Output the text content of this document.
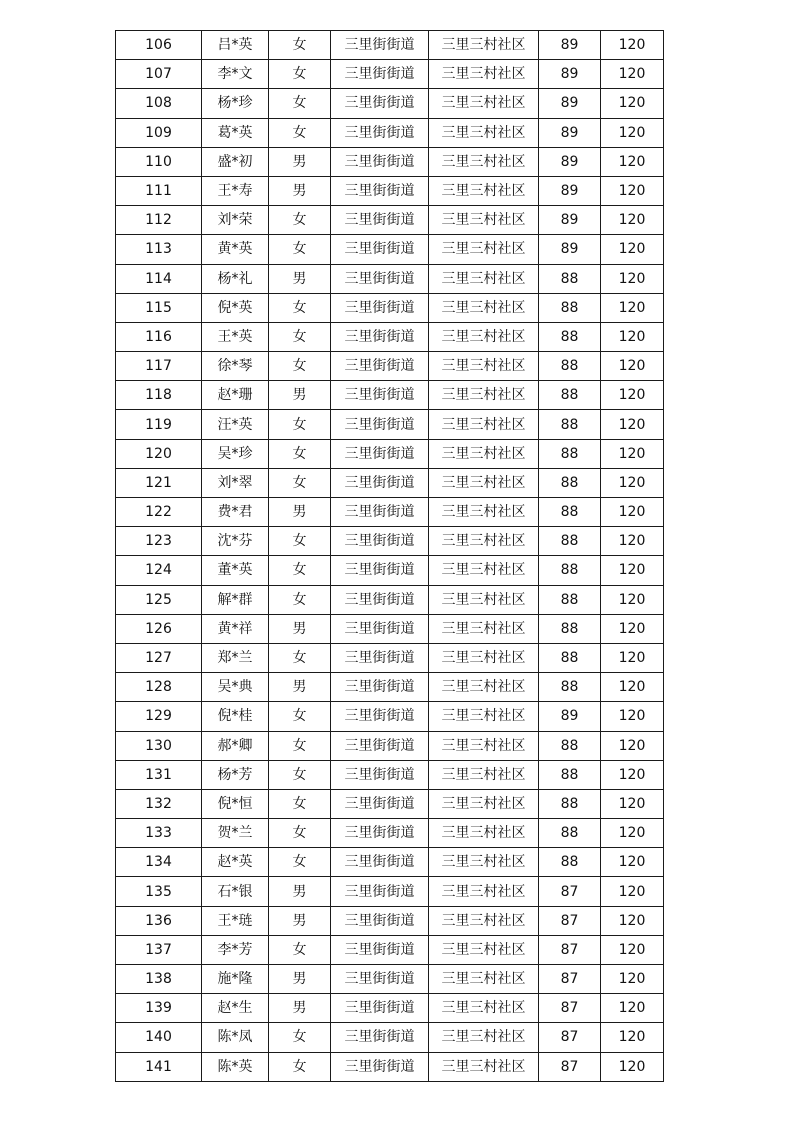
106	吕*英	女	三里街街道	三里三村社区	89	120
107	李*文	女	三里街街道	三里三村社区	89	120
108	杨*珍	女	三里街街道	三里三村社区	89	120
109	葛*英	女	三里街街道	三里三村社区	89	120
110	盛*初	男	三里街街道	三里三村社区	89	120
111	王*寿	男	三里街街道	三里三村社区	89	120
112	刘*荣	女	三里街街道	三里三村社区	89	120
113	黄*英	女	三里街街道	三里三村社区	89	120
114	杨*礼	男	三里街街道	三里三村社区	88	120
115	倪*英	女	三里街街道	三里三村社区	88	120
116	王*英	女	三里街街道	三里三村社区	88	120
117	徐*琴	女	三里街街道	三里三村社区	88	120
118	赵*珊	男	三里街街道	三里三村社区	88	120
119	汪*英	女	三里街街道	三里三村社区	88	120
120	吴*珍	女	三里街街道	三里三村社区	88	120
121	刘*翠	女	三里街街道	三里三村社区	88	120
122	费*君	男	三里街街道	三里三村社区	88	120
123	沈*芬	女	三里街街道	三里三村社区	88	120
124	董*英	女	三里街街道	三里三村社区	88	120
125	解*群	女	三里街街道	三里三村社区	88	120
126	黄*祥	男	三里街街道	三里三村社区	88	120
127	郑*兰	女	三里街街道	三里三村社区	88	120
128	吴*典	男	三里街街道	三里三村社区	88	120
129	倪*桂	女	三里街街道	三里三村社区	89	120
130	郝*卿	女	三里街街道	三里三村社区	88	120
131	杨*芳	女	三里街街道	三里三村社区	88	120
132	倪*恒	女	三里街街道	三里三村社区	88	120
133	贺*兰	女	三里街街道	三里三村社区	88	120
134	赵*英	女	三里街街道	三里三村社区	88	120
135	石*银	男	三里街街道	三里三村社区	87	120
136	王*琏	男	三里街街道	三里三村社区	87	120
137	李*芳	女	三里街街道	三里三村社区	87	120
138	施*隆	男	三里街街道	三里三村社区	87	120
139	赵*生	男	三里街街道	三里三村社区	87	120
140	陈*凤	女	三里街街道	三里三村社区	87	120
141	陈*英	女	三里街街道	三里三村社区	87	120
